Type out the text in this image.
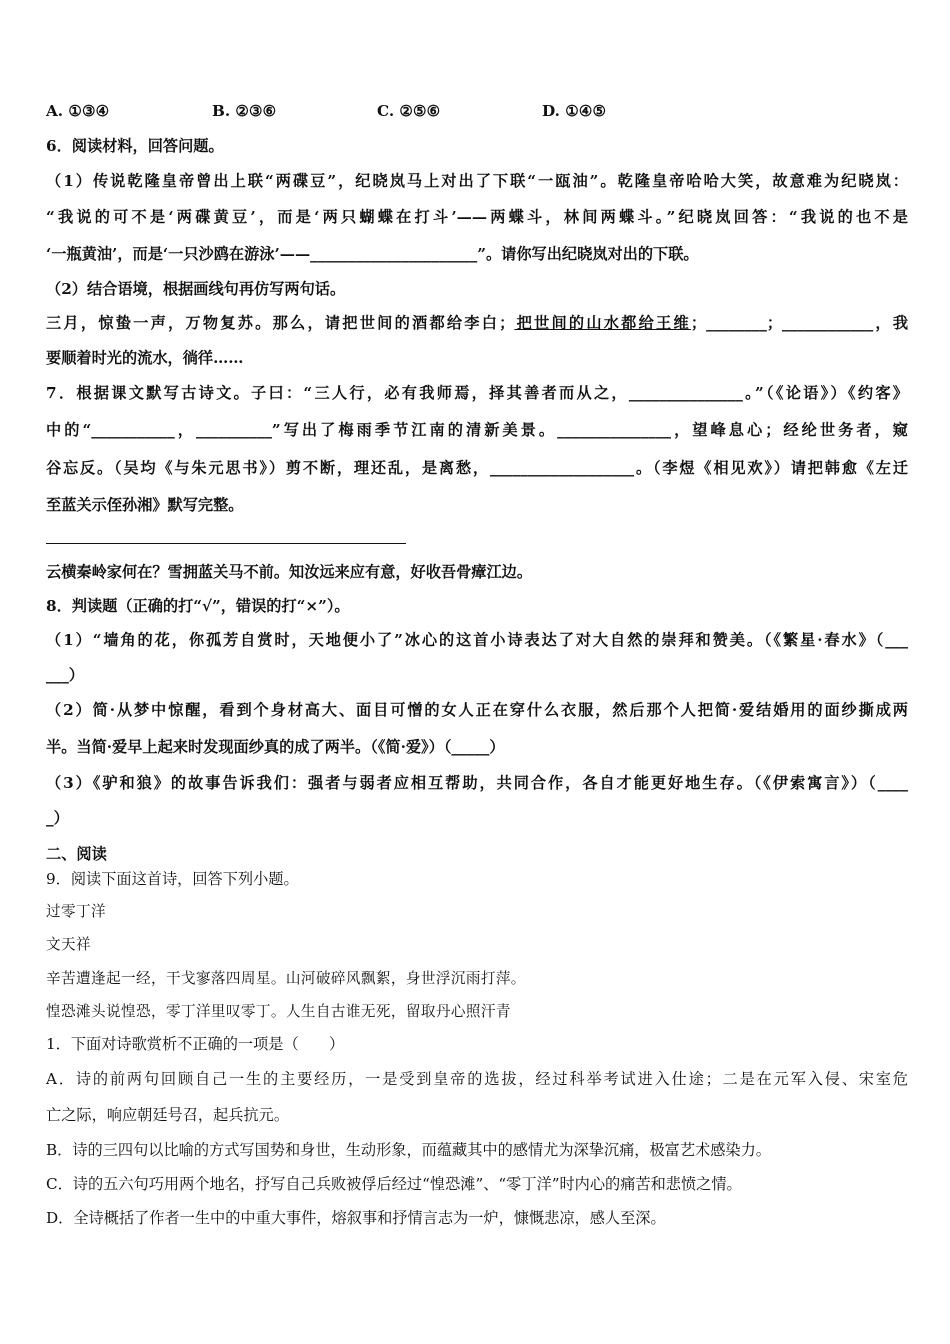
A. ①③④	B. ②③⑥	C. ②⑤⑥	D. ①④⑤
6．阅读材料，回答问题。
（1）传说乾隆皇帝曾出上联“两碟豆”，纪晓岚马上对出了下联“一瓯油”。乾隆皇帝哈哈大笑，故意难为纪晓岚：
“我说的可不是‘两碟黄豆’，而是‘两只蝴蝶在打斗’——两蝶斗，林间两蝶斗。”纪晓岚回答：“我说的也不是
‘一瓶黄油’，而是‘一只沙鸥在游泳’——______________________”。请你写出纪晓岚对出的下联。
（2）结合语境，根据画线句再仿写两句话。
三月，惊蛰一声，万物复苏。那么，请把世间的酒都给李白；把世间的山水都给王维；________；____________，我
要顺着时光的流水，徜徉……
7．根据课文默写古诗文。子曰：“三人行，必有我师焉，择其善者而从之，_______________。”（《论语》）《约客》
中的“___________，__________”写出了梅雨季节江南的清新美景。_______________，望峰息心；经纶世务者，窥
谷忘反。（吴均《与朱元思书》）剪不断，理还乱，是离愁，___________________。（李煜《相见欢》）请把韩愈《左迁
至蓝关示侄孙湘》默写完整。
云横秦岭家何在？雪拥蓝关马不前。知汝远来应有意，好收吾骨瘴江边。
8．判读题（正确的打“√”，错误的打“×”）。
（1）“墙角的花，你孤芳自赏时，天地便小了”冰心的这首小诗表达了对大自然的崇拜和赞美。（《繁星·春水》（___
___）
（2）简·从梦中惊醒，看到个身材高大、面目可憎的女人正在穿什么衣服，然后那个人把简·爱结婚用的面纱撕成两
半。当简·爱早上起来时发现面纱真的成了两半。（《简·爱》）（_____）
（3）《驴和狼》的故事告诉我们：强者与弱者应相互帮助，共同合作，各自才能更好地生存。（《伊索寓言》）（____
_）
二、阅读
9．阅读下面这首诗，回答下列小题。
过零丁洋
文天祥
辛苦遭逢起一经，干戈寥落四周星。山河破碎风飘絮，身世浮沉雨打萍。
惶恐滩头说惶恐，零丁洋里叹零丁。人生自古谁无死，留取丹心照汗青
1．下面对诗歌赏析不正确的一项是（　　）
A．诗的前两句回顾自己一生的主要经历，一是受到皇帝的选拔，经过科举考试进入仕途；二是在元军入侵、宋室危
亡之际，响应朝廷号召，起兵抗元。
B．诗的三四句以比喻的方式写国势和身世，生动形象，而蕴藏其中的感情尤为深挚沉痛，极富艺术感染力。
C．诗的五六句巧用两个地名，抒写自己兵败被俘后经过“惶恐滩”、“零丁洋”时内心的痛苦和悲愤之情。
D．全诗概括了作者一生中的中重大事件，熔叙事和抒情言志为一炉，慷慨悲凉，感人至深。
